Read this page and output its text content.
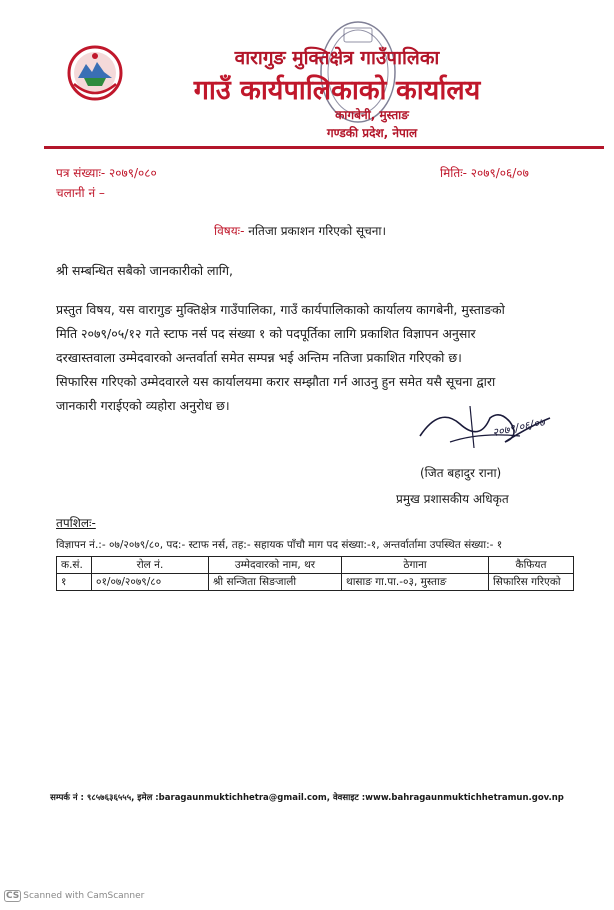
वारागुङ मुक्तिक्षेत्र गाउँपालिका
गाउँ कार्यपालिकाको कार्यालय
कागबेनी, मुस्ताङ
गण्डकी प्रदेश, नेपाल
पत्र संख्याः- २०७९/०८०
चलानी नं –
मितिः- २०७९/०६/०७
विषयः- नतिजा प्रकाशन गरिएको सूचना।
श्री सम्बन्धित सबैको जानकारीको लागि,
प्रस्तुत विषय, यस वारागुङ मुक्तिक्षेत्र गाउँपालिका, गाउँ कार्यपालिकाको कार्यालय कागबेनी, मुस्ताङको
मिति २०७९/०५/१२ गते स्टाफ नर्स पद संख्या १ को पदपूर्तिका लागि प्रकाशित विज्ञापन अनुसार
दरखास्तवाला उम्मेदवारको अन्तर्वार्ता समेत सम्पन्न भई अन्तिम नतिजा प्रकाशित गरिएको छ।
सिफारिस गरिएको उम्मेदवारले यस कार्यालयमा करार सम्झौता गर्न आउनु हुन समेत यसै सूचना द्वारा
जानकारी गराईएको व्यहोरा अनुरोध छ।
२०७९/०६/०७
(जित बहादुर राना)
प्रमुख प्रशासकीय अधिकृत
तपशिलः-
विज्ञापन नं.:- ०७/२०७९/८०, पद:- स्टाफ नर्स, तह:- सहायक पाँचौ माग पद संख्या:-१, अन्तर्वार्तामा उपस्थित संख्या:- १
क.सं.	रोल नं.	उम्मेदवारको नाम, थर	ठेगाना	कैफियत
१	०१/०७/२०७९/८०	श्री सन्जिता सिङजाली	थासाङ गा.पा.-०३, मुस्ताङ	सिफारिस गरिएको
सम्पर्क नं : ९८५७६३६५५५, इमेल :baragaunmuktichhetra@gmail.com, वेवसाइट :www.bahragaunmuktichhetramun.gov.np
CS Scanned with CamScanner
